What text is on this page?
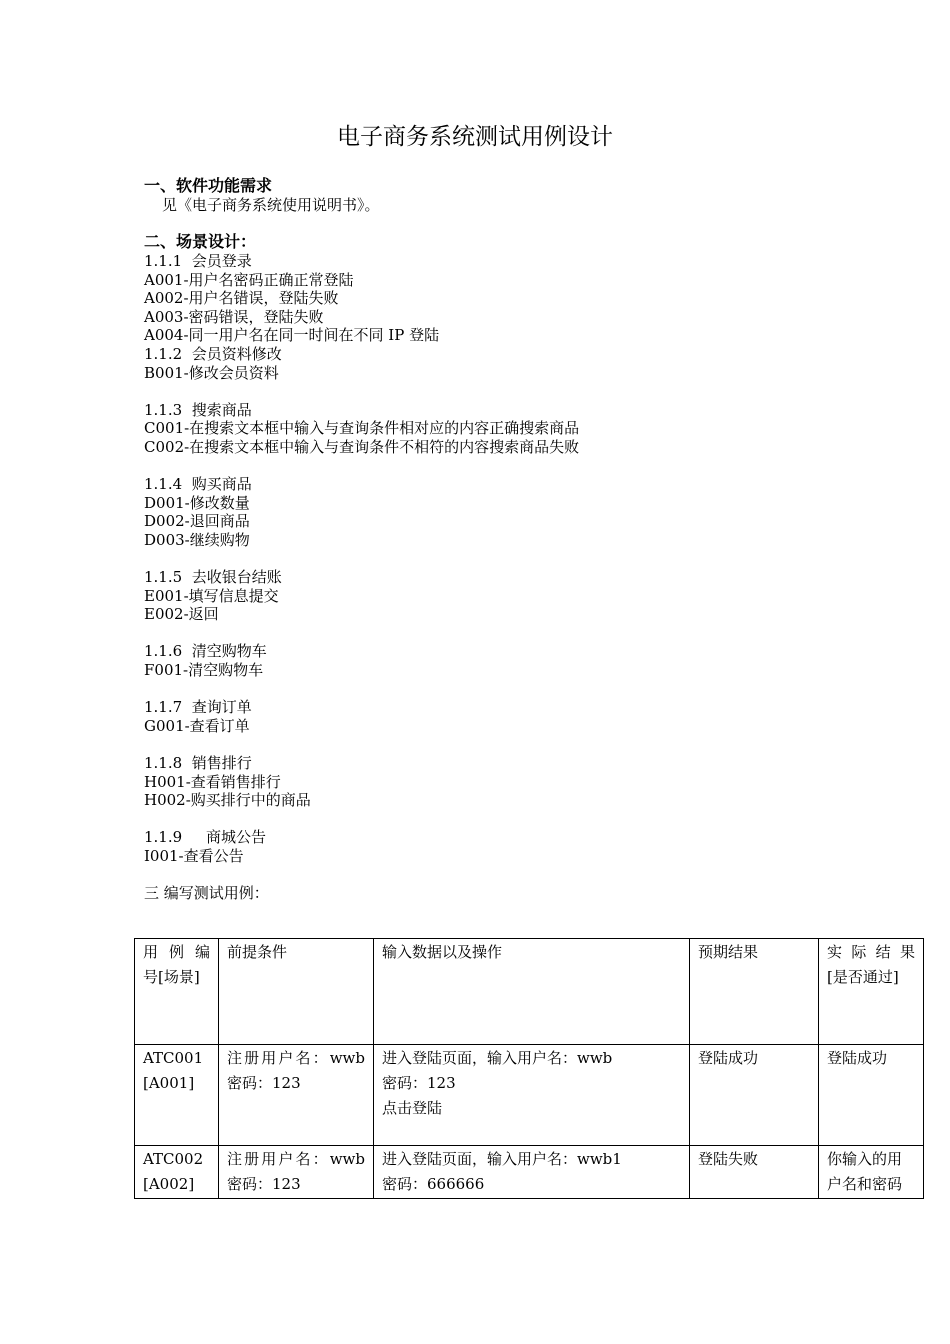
电子商务系统测试用例设计
一、软件功能需求
见《电子商务系统使用说明书》。
二、场景设计：
1.1.1  会员登录
A001-用户名密码正确正常登陆
A002-用户名错误，登陆失败
A003-密码错误，登陆失败
A004-同一用户名在同一时间在不同 IP 登陆
1.1.2  会员资料修改
B001-修改会员资料
1.1.3  搜索商品
C001-在搜索文本框中输入与查询条件相对应的内容正确搜索商品
C002-在搜索文本框中输入与查询条件不相符的内容搜索商品失败
1.1.4  购买商品
D001-修改数量
D002-退回商品
D003-继续购物
1.1.5  去收银台结账
E001-填写信息提交
E002-返回
1.1.6  清空购物车
F001-清空购物车
1.1.7  查询订单
G001-查看订单
1.1.8  销售排行
H001-查看销售排行
H002-购买排行中的商品
1.1.9     商城公告
I001-查看公告
三 编写测试用例：
用 例 编
号[场景]	前提条件	输入数据以及操作	预期结果	实 际 结 果
[是否通过]

ATC001
[A001]	注册用户名：wwb
密码：123	进入登陆页面，输入用户名：wwb
密码：123
点击登陆	登陆成功	登陆成功

ATC002
[A002]	注册用户名：wwb
密码：123	进入登陆页面，输入用户名：wwb1
密码：666666	登陆失败	你输入的用
户名和密码
